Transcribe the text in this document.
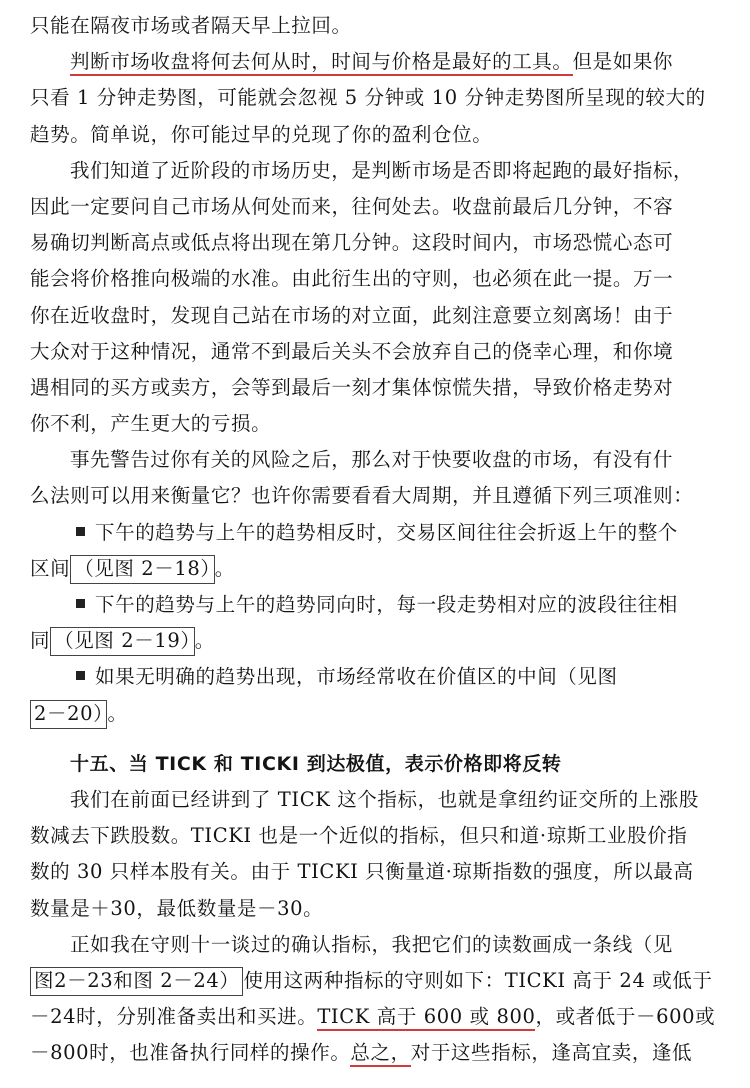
只能在隔夜市场或者隔天早上拉回。
判断市场收盘将何去何从时，时间与价格是最好的工具。但是如果你
只看 1 分钟走势图，可能就会忽视 5 分钟或 10 分钟走势图所呈现的较大的
趋势。简单说，你可能过早的兑现了你的盈利仓位。
我们知道了近阶段的市场历史，是判断市场是否即将起跑的最好指标，
因此一定要问自己市场从何处而来，往何处去。收盘前最后几分钟，不容
易确切判断高点或低点将出现在第几分钟。这段时间内，市场恐慌心态可
能会将价格推向极端的水准。由此衍生出的守则，也必须在此一提。万一
你在近收盘时，发现自己站在市场的对立面，此刻注意要立刻离场！由于
大众对于这种情况，通常不到最后关头不会放弃自己的侥幸心理，和你境
遇相同的买方或卖方，会等到最后一刻才集体惊慌失措，导致价格走势对
你不利，产生更大的亏损。
事先警告过你有关的风险之后，那么对于快要收盘的市场，有没有什
么法则可以用来衡量它？也许你需要看看大周期，并且遵循下列三项准则：
下午的趋势与上午的趋势相反时，交易区间往往会折返上午的整个
区间 （见图 2－18） 。
下午的趋势与上午的趋势同向时，每一段走势相对应的波段往往相
同 （见图 2－19） 。
如果无明确的趋势出现，市场经常收在价值区的中间（见图
2－20） 。
十五、当 TICK 和 TICKI 到达极值，表示价格即将反转
我们在前面已经讲到了 TICK 这个指标，也就是拿纽约证交所的上涨股
数减去下跌股数。TICKI 也是一个近似的指标，但只和道·琼斯工业股价指
数的 30 只样本股有关。由于 TICKI 只衡量道·琼斯指数的强度，所以最高
数量是＋30，最低数量是－30。
正如我在守则十一谈过的确认指标，我把它们的读数画成一条线（见
图2－23和图 2－24） 使用这两种指标的守则如下：TICKI 高于 24 或低于
－24时，分别准备卖出和买进。TICK 高于 600 或 800，或者低于－600或
－800时，也准备执行同样的操作。总之，对于这些指标，逢高宜卖，逢低
